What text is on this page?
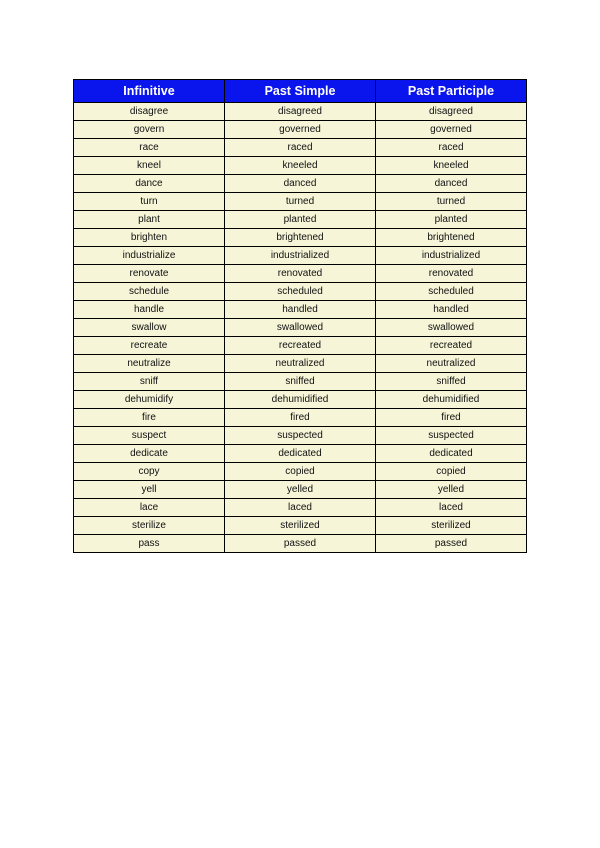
Infinitive	Past Simple	Past Participle
disagree	disagreed	disagreed
govern	governed	governed
race	raced	raced
kneel	kneeled	kneeled
dance	danced	danced
turn	turned	turned
plant	planted	planted
brighten	brightened	brightened
industrialize	industrialized	industrialized
renovate	renovated	renovated
schedule	scheduled	scheduled
handle	handled	handled
swallow	swallowed	swallowed
recreate	recreated	recreated
neutralize	neutralized	neutralized
sniff	sniffed	sniffed
dehumidify	dehumidified	dehumidified
fire	fired	fired
suspect	suspected	suspected
dedicate	dedicated	dedicated
copy	copied	copied
yell	yelled	yelled
lace	laced	laced
sterilize	sterilized	sterilized
pass	passed	passed
